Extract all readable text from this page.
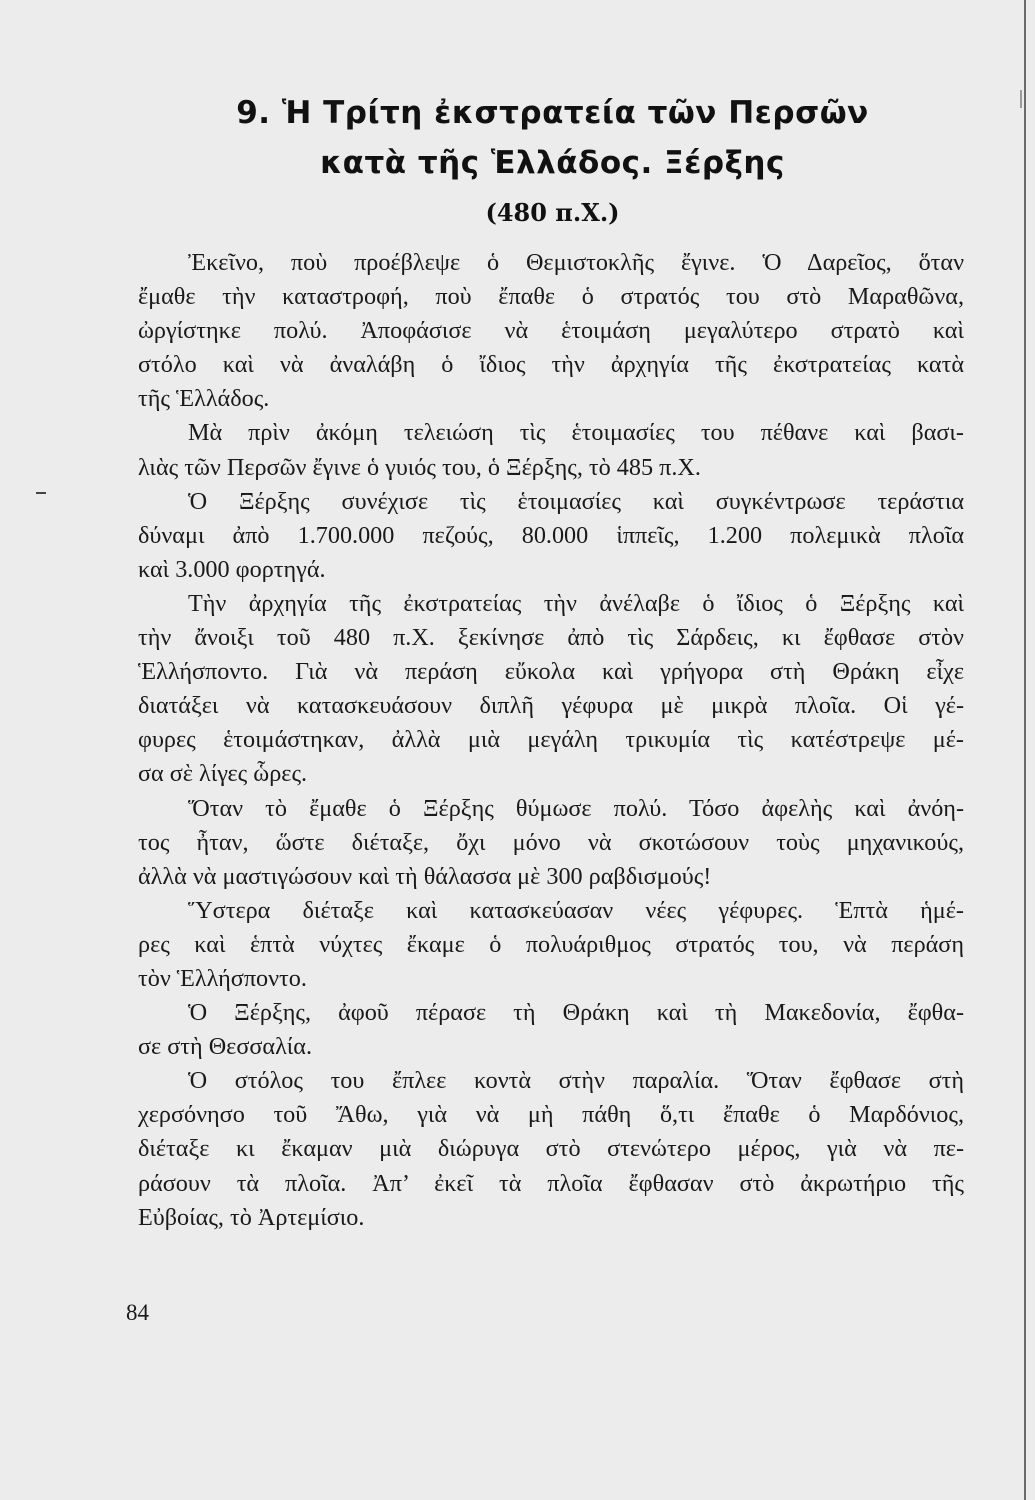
9. Ἡ Τρίτη ἐκστρατεία τῶν Περσῶν
κατὰ τῆς Ἑλλάδος. Ξέρξης
(480 π.Χ.)
Ἐκεῖνο, ποὺ προέβλεψε ὁ Θεμιστοκλῆς ἔγινε. Ὁ Δαρεῖος, ὅταν
ἔμαθε τὴν καταστροφή, ποὺ ἔπαθε ὁ στρατός του στὸ Μαραθῶνα,
ὠργίστηκε πολύ. Ἀποφάσισε νὰ ἑτοιμάση μεγαλύτερο στρατὸ καὶ
στόλο καὶ νὰ ἀναλάβη ὁ ἴδιος τὴν ἀρχηγία τῆς ἐκστρατείας κατὰ
τῆς Ἑλλάδος.
Μὰ πρὶν ἀκόμη τελειώση τὶς ἑτοιμασίες του πέθανε καὶ βασι-
λιὰς τῶν Περσῶν ἔγινε ὁ γυιός του, ὁ Ξέρξης, τὸ 485 π.Χ.
Ὁ Ξέρξης συνέχισε τὶς ἑτοιμασίες καὶ συγκέντρωσε τεράστια
δύναμι ἀπὸ 1.700.000 πεζούς, 80.000 ἱππεῖς, 1.200 πολεμικὰ πλοῖα
καὶ 3.000 φορτηγά.
Τὴν ἀρχηγία τῆς ἐκστρατείας τὴν ἀνέλαβε ὁ ἴδιος ὁ Ξέρξης καὶ
τὴν ἄνοιξι τοῦ 480 π.Χ. ξεκίνησε ἀπὸ τὶς Σάρδεις, κι ἔφθασε στὸν
Ἑλλήσποντο. Γιὰ νὰ περάση εὔκολα καὶ γρήγορα στὴ Θράκη εἶχε
διατάξει νὰ κατασκευάσουν διπλῆ γέφυρα μὲ μικρὰ πλοῖα. Οἱ γέ-
φυρες ἑτοιμάστηκαν, ἀλλὰ μιὰ μεγάλη τρικυμία τὶς κατέστρεψε μέ-
σα σὲ λίγες ὧρες.
Ὅταν τὸ ἔμαθε ὁ Ξέρξης θύμωσε πολύ. Τόσο ἀφελὴς καὶ ἀνόη-
τος ἦταν, ὥστε διέταξε, ὄχι μόνο νὰ σκοτώσουν τοὺς μηχανικούς,
ἀλλὰ νὰ μαστιγώσουν καὶ τὴ θάλασσα μὲ 300 ραβδισμούς!
Ὕστερα διέταξε καὶ κατασκεύασαν νέες γέφυρες. Ἑπτὰ ἡμέ-
ρες καὶ ἑπτὰ νύχτες ἔκαμε ὁ πολυάριθμος στρατός του, νὰ περάση
τὸν Ἑλλήσποντο.
Ὁ Ξέρξης, ἀφοῦ πέρασε τὴ Θράκη καὶ τὴ Μακεδονία, ἔφθα-
σε στὴ Θεσσαλία.
Ὁ στόλος του ἔπλεε κοντὰ στὴν παραλία. Ὅταν ἔφθασε στὴ
χερσόνησο τοῦ Ἄθω, γιὰ νὰ μὴ πάθη ὅ,τι ἔπαθε ὁ Μαρδόνιος,
διέταξε κι ἔκαμαν μιὰ διώρυγα στὸ στενώτερο μέρος, γιὰ νὰ πε-
ράσουν τὰ πλοῖα. Ἀπ’ ἐκεῖ τὰ πλοῖα ἔφθασαν στὸ ἀκρωτήριο τῆς
Εὐβοίας, τὸ Ἀρτεμίσιο.
84
